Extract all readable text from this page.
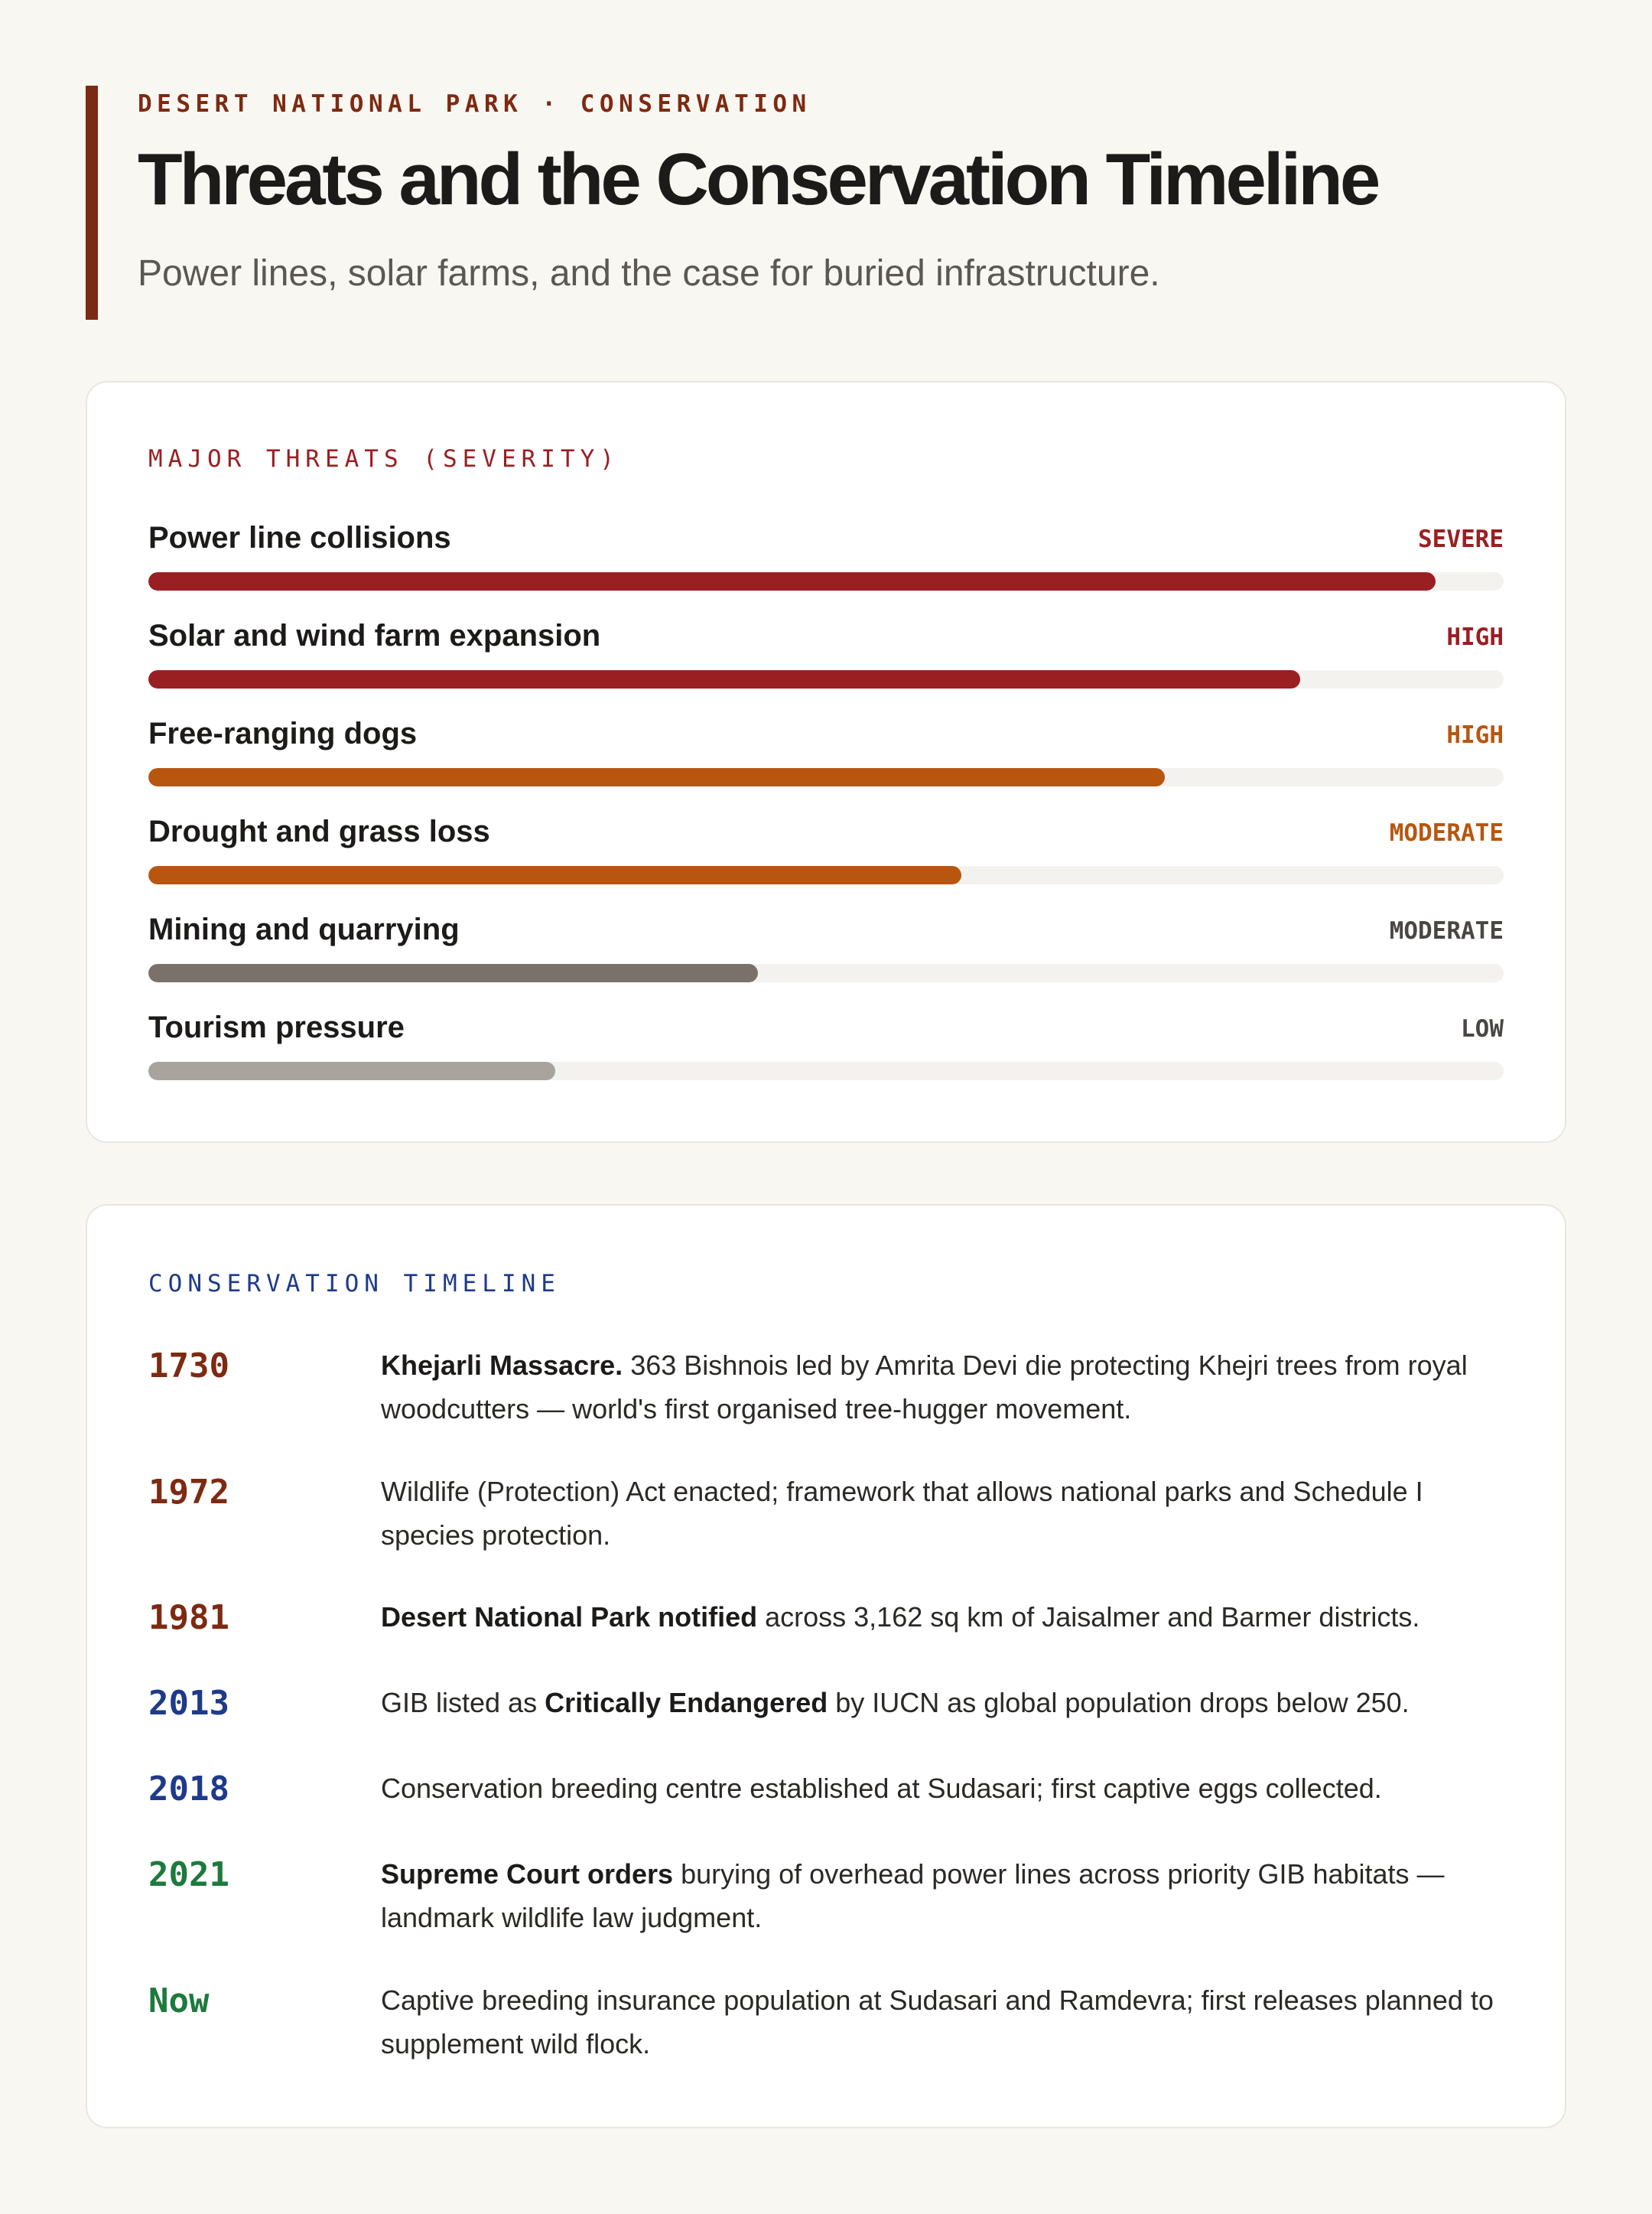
DESERT NATIONAL PARK · CONSERVATION
Threats and the Conservation Timeline
Power lines, solar farms, and the case for buried infrastructure.
MAJOR THREATS (SEVERITY)
Power line collisions	SEVERE
Solar and wind farm expansion	HIGH
Free-ranging dogs	HIGH
Drought and grass loss	MODERATE
Mining and quarrying	MODERATE
Tourism pressure	LOW
CONSERVATION TIMELINE
1730	Khejarli Massacre. 363 Bishnois led by Amrita Devi die protecting Khejri trees from royal woodcutters — world's first organised tree-hugger movement.
1972	Wildlife (Protection) Act enacted; framework that allows national parks and Schedule I species protection.
1981	Desert National Park notified across 3,162 sq km of Jaisalmer and Barmer districts.
2013	GIB listed as Critically Endangered by IUCN as global population drops below 250.
2018	Conservation breeding centre established at Sudasari; first captive eggs collected.
2021	Supreme Court orders burying of overhead power lines across priority GIB habitats — landmark wildlife law judgment.
Now	Captive breeding insurance population at Sudasari and Ramdevra; first releases planned to supplement wild flock.
